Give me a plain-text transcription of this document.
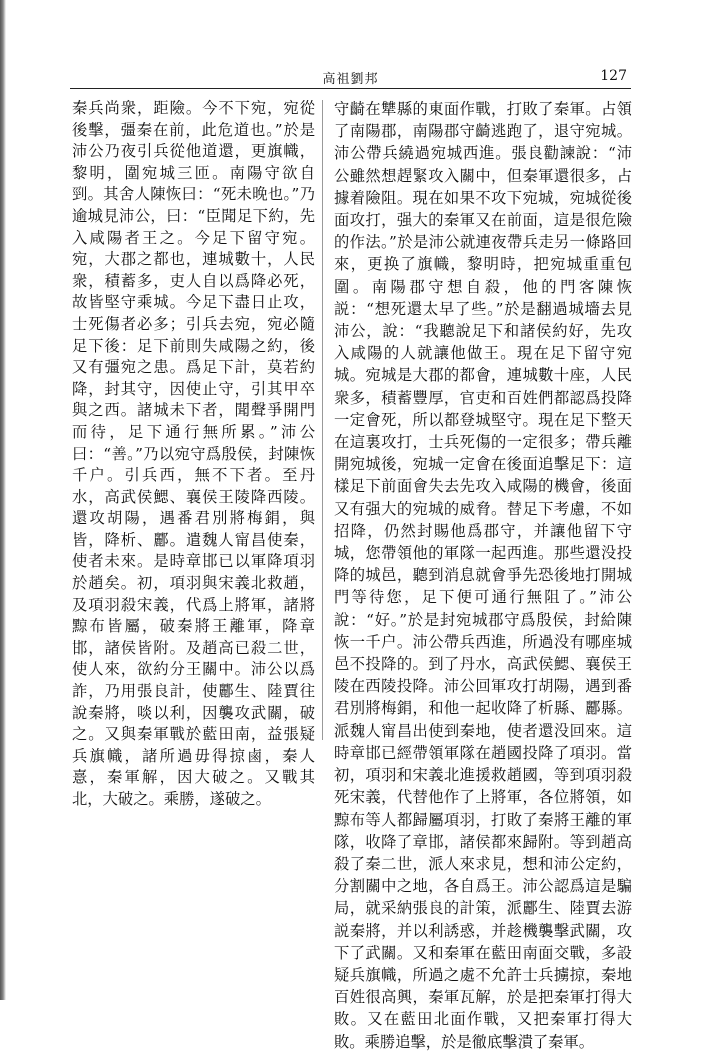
高祖劉邦	127

秦兵尚衆，距險。今不下宛，宛從後擊，彊秦在前，此危道也。”於是沛公乃夜引兵從他道還，更旗幟，黎明，圍宛城三匝。南陽守欲自剄。其舍人陳恢曰：“死未晚也。”乃逾城見沛公，曰：“臣聞足下約，先入咸陽者王之。今足下留守宛。宛，大郡之都也，連城數十，人民衆，積蓄多，吏人自以爲降必死，故皆堅守乘城。今足下盡日止攻，士死傷者必多；引兵去宛，宛必隨足下後：足下前則失咸陽之約，後又有彊宛之患。爲足下計，莫若約降，封其守，因使止守，引其甲卒與之西。諸城未下者，聞聲爭開門而待，足下通行無所累。”沛公曰：“善。”乃以宛守爲殷侯，封陳恢千户。引兵西，無不下者。至丹水，高武侯鰓、襄侯王陵降西陵。還攻胡陽，遇番君別將梅鋗，與皆，降析、酈。遣魏人甯昌使秦，使者未來。是時章邯已以軍降項羽於趙矣。初，項羽與宋義北救趙，及項羽殺宋義，代爲上將軍，諸將黥布皆屬，破秦將王離軍，降章邯，諸侯皆附。及趙高已殺二世，使人來，欲約分王關中。沛公以爲詐，乃用張良計，使酈生、陸賈往說秦將，啖以利，因襲攻武關，破之。又與秦軍戰於藍田南，益張疑兵旗幟，諸所過毋得掠鹵，秦人憙，秦軍解，因大破之。又戰其北，大破之。乘勝，遂破之。

守齮在犨縣的東面作戰，打敗了秦軍。占領了南陽郡，南陽郡守齮逃跑了，退守宛城。沛公帶兵繞過宛城西進。張良勸諫說：“沛公雖然想趕緊攻入關中，但秦軍還很多，占據着險阻。現在如果不攻下宛城，宛城從後面攻打，强大的秦軍又在前面，這是很危險的作法。”於是沛公就連夜帶兵走另一條路回來，更换了旗幟，黎明時，把宛城重重包圍。南陽郡守想自殺，他的門客陳恢説：“想死還太早了些。”於是翻過城墻去見沛公，說：“我聽說足下和諸侯約好，先攻入咸陽的人就讓他做王。現在足下留守宛城。宛城是大郡的都會，連城數十座，人民衆多，積蓄豐厚，官吏和百姓們都認爲投降一定會死，所以都登城堅守。現在足下整天在這裏攻打，士兵死傷的一定很多；帶兵離開宛城後，宛城一定會在後面追擊足下：這樣足下前面會失去先攻入咸陽的機會，後面又有强大的宛城的威脅。替足下考慮，不如招降，仍然封賜他爲郡守，并讓他留下守城，您帶領他的軍隊一起西進。那些還没投降的城邑，聽到消息就會爭先恐後地打開城門等待您，足下便可通行無阻了。”沛公說：“好。”於是封宛城郡守爲殷侯，封給陳恢一千户。沛公帶兵西進，所過没有哪座城邑不投降的。到了丹水，高武侯鰓、襄侯王陵在西陵投降。沛公回軍攻打胡陽，遇到番君別將梅鋗，和他一起收降了析縣、酈縣。派魏人甯昌出使到秦地，使者還没回來。這時章邯已經帶領軍隊在趙國投降了項羽。當初，項羽和宋義北進援救趙國，等到項羽殺死宋義，代替他作了上將軍，各位將領，如黥布等人都歸屬項羽，打敗了秦將王離的軍隊，收降了章邯，諸侯都來歸附。等到趙高殺了秦二世，派人來求見，想和沛公定約，分割關中之地，各自爲王。沛公認爲這是騙局，就采納張良的計策，派酈生、陸賈去游説秦將，并以利誘惑，并趁機襲擊武關，攻下了武關。又和秦軍在藍田南面交戰，多設疑兵旗幟，所過之處不允許士兵擄掠，秦地百姓很高興，秦軍瓦解，於是把秦軍打得大敗。又在藍田北面作戰，又把秦軍打得大敗。乘勝追擊，於是徹底擊潰了秦軍。
